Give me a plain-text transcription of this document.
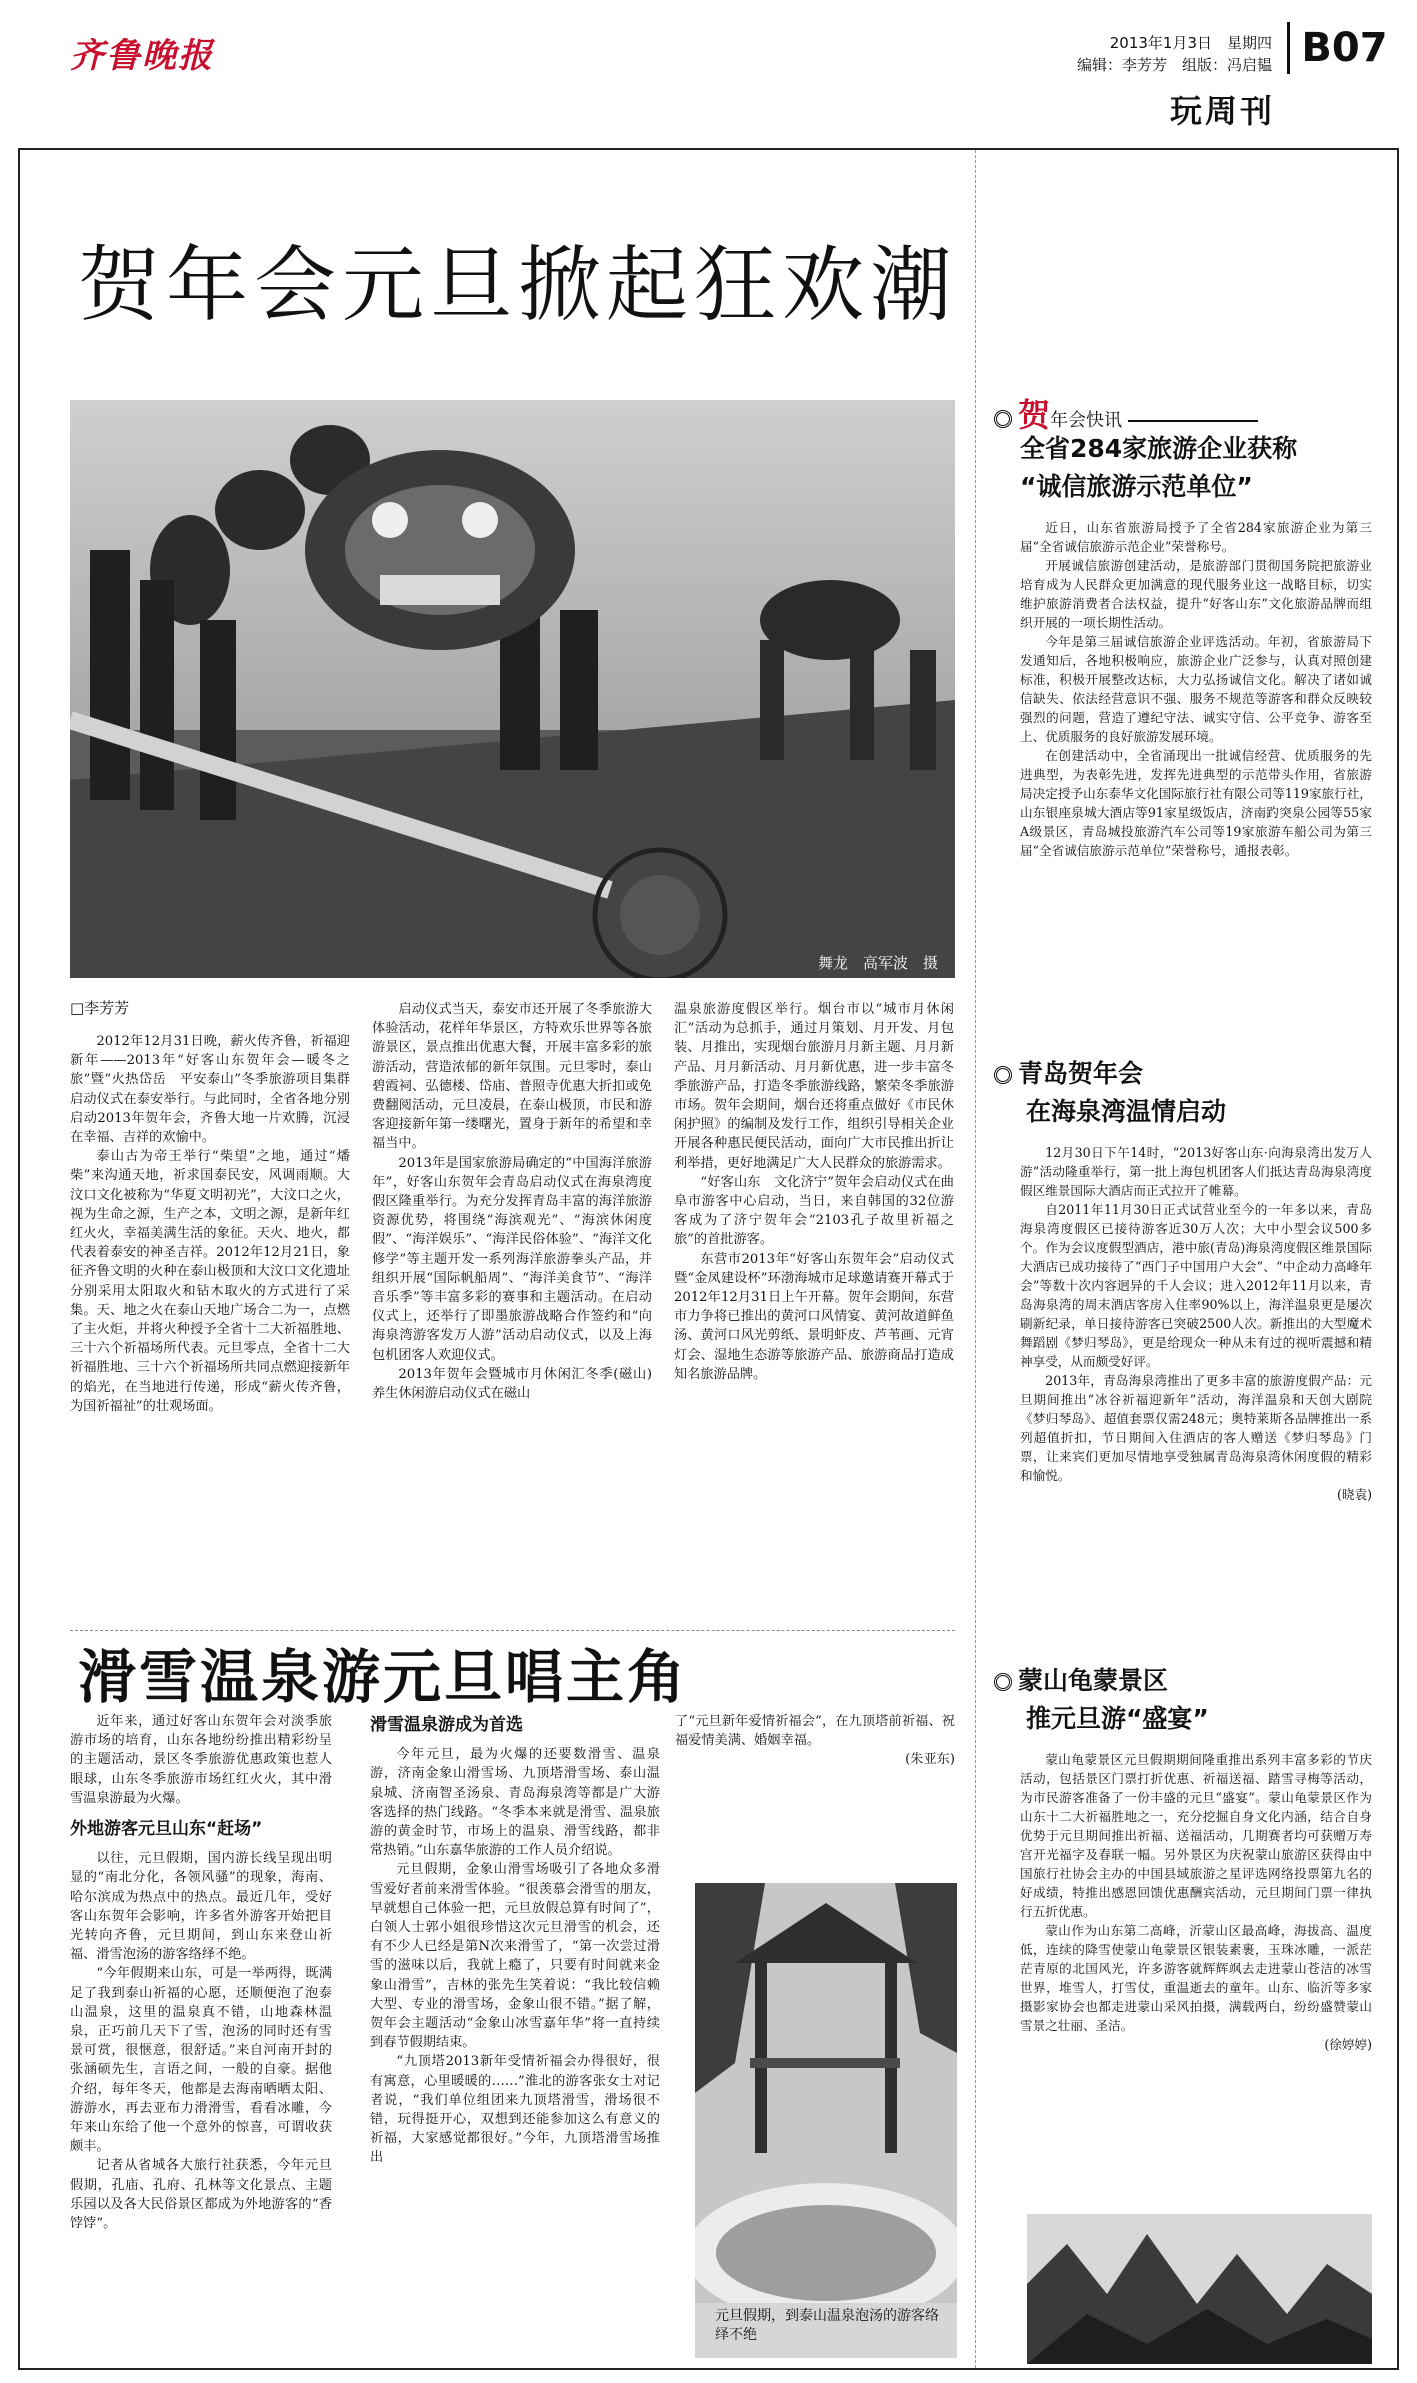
齐鲁晚报	2013年1月3日　星期四
编辑：李芳芳　组版：冯启韫 B07
玩周刊
贺年会元旦掀起狂欢潮
舞龙　高军波　摄
□李芳芳

2012年12月31日晚，薪火传齐鲁，祈福迎新年——2013年“好客山东贺年会—暖冬之旅”暨“火热岱岳　平安泰山”冬季旅游项目集群启动仪式在泰安举行。与此同时，全省各地分别启动2013年贺年会，齐鲁大地一片欢腾，沉浸在幸福、吉祥的欢愉中。

泰山古为帝王举行“柴望”之地，通过“燔柴”来沟通天地，祈求国泰民安，风调雨顺。大汶口文化被称为“华夏文明初光”，大汶口之火，视为生命之源，生产之本，文明之源，是新年红红火火，幸福美满生活的象征。天火、地火，都代表着泰安的神圣吉祥。2012年12月21日，象征齐鲁文明的火种在泰山极顶和大汶口文化遗址分别采用太阳取火和钻木取火的方式进行了采集。天、地之火在泰山天地广场合二为一，点燃了主火炬，并将火种授予全省十二大祈福胜地、三十六个祈福场所代表。元旦零点，全省十二大祈福胜地、三十六个祈福场所共同点燃迎接新年的焰光，在当地进行传递，形成“薪火传齐鲁，为国祈福祉”的壮观场面。

启动仪式当天，泰安市还开展了冬季旅游大体验活动，花样年华景区，方特欢乐世界等各旅游景区，景点推出优惠大餐，开展丰富多彩的旅游活动，营造浓郁的新年氛围。元旦零时，泰山碧霞祠、弘德楼、岱庙、普照寺优惠大折扣或免费翻阅活动，元旦凌晨，在泰山极顶，市民和游客迎接新年第一缕曙光，置身于新年的希望和幸福当中。

2013年是国家旅游局确定的“中国海洋旅游年”，好客山东贺年会青岛启动仪式在海泉湾度假区隆重举行。为充分发挥青岛丰富的海洋旅游资源优势，将围绕“海滨观光”、“海滨休闲度假”、“海洋娱乐”、“海洋民俗体验”、“海洋文化修学”等主题开发一系列海洋旅游拳头产品，并组织开展“国际帆船周”、“海洋美食节”、“海洋音乐季”等丰富多彩的赛事和主题活动。在启动仪式上，还举行了即墨旅游战略合作签约和“向海泉湾游客发万人游”活动启动仪式，以及上海包机团客人欢迎仪式。

2013年贺年会暨城市月休闲汇冬季(磁山)养生休闲游启动仪式在磁山

温泉旅游度假区举行。烟台市以“城市月休闲汇”活动为总抓手，通过月策划、月开发、月包装、月推出，实现烟台旅游月月新主题、月月新产品、月月新活动、月月新优惠，进一步丰富冬季旅游产品，打造冬季旅游线路，繁荣冬季旅游市场。贺年会期间，烟台还将重点做好《市民休闲护照》的编制及发行工作，组织引导相关企业开展各种惠民便民活动，面向广大市民推出折让利举措，更好地满足广大人民群众的旅游需求。

“好客山东　文化济宁”贺年会启动仪式在曲阜市游客中心启动，当日，来自韩国的32位游客成为了济宁贺年会“2103孔子故里祈福之旅”的首批游客。

东营市2013年“好客山东贺年会”启动仪式暨“金凤建设杯”环渤海城市足球邀请赛开幕式于2012年12月31日上午开幕。贺年会期间，东营市力争将已推出的黄河口风情宴、黄河故道鲜鱼汤、黄河口风光剪纸、景明虾皮、芦苇画、元宵灯会、湿地生态游等旅游产品、旅游商品打造成知名旅游品牌。

滑雪温泉游元旦唱主角

近年来，通过好客山东贺年会对淡季旅游市场的培育，山东各地纷纷推出精彩纷呈的主题活动，景区冬季旅游优惠政策也惹人眼球，山东冬季旅游市场红红火火，其中滑雪温泉游最为火爆。

外地游客元旦山东“赶场”

以往，元旦假期，国内游长线呈现出明显的“南北分化，各领风骚”的现象，海南、哈尔滨成为热点中的热点。最近几年，受好客山东贺年会影响，许多省外游客开始把目光转向齐鲁，元旦期间，到山东来登山祈福、滑雪泡汤的游客络绎不绝。

“今年假期来山东，可是一举两得，既满足了我到泰山祈福的心愿，还顺便泡了泡泰山温泉，这里的温泉真不错，山地森林温泉，正巧前几天下了雪，泡汤的同时还有雪景可赏，很惬意，很舒适。”来自河南开封的张涵硕先生，言语之间，一般的自豪。据他介绍，每年冬天，他都是去海南晒晒太阳、游游水，再去亚布力滑滑雪，看看冰雕，今年来山东给了他一个意外的惊喜，可谓收获颇丰。

记者从省城各大旅行社获悉，今年元旦假期，孔庙、孔府、孔林等文化景点、主题乐园以及各大民俗景区都成为外地游客的“香饽饽”。

滑雪温泉游成为首选

今年元旦，最为火爆的还要数滑雪、温泉游，济南金象山滑雪场、九顶塔滑雪场、泰山温泉城、济南智圣汤泉、青岛海泉湾等都是广大游客选择的热门线路。“冬季本来就是滑雪、温泉旅游的黄金时节，市场上的温泉、滑雪线路，都非常热销。”山东嘉华旅游的工作人员介绍说。

元旦假期，金象山滑雪场吸引了各地众多滑雪爱好者前来滑雪体验。“很羡慕会滑雪的朋友，早就想自己体验一把，元旦放假总算有时间了”，白领人士郭小姐很珍惜这次元旦滑雪的机会，还有不少人已经是第N次来滑雪了，“第一次尝过滑雪的滋味以后，我就上瘾了，只要有时间就来金象山滑雪”，吉林的张先生笑着说：“我比较信赖大型、专业的滑雪场，金象山很不错。”据了解，贺年会主题活动“金象山冰雪嘉年华”将一直持续到春节假期结束。

“九顶塔2013新年受情祈福会办得很好，很有寓意，心里暖暖的……”淮北的游客张女士对记者说，“我们单位组团来九顶塔滑雪，滑场很不错，玩得挺开心，双想到还能参加这么有意义的祈福，大家感觉都很好。”今年，九顶塔滑雪场推出

了“元旦新年爱情祈福会”，在九顶塔前祈福、祝福爱情美满、婚姻幸福。

(朱亚东)
元旦假期，到泰山温泉泡汤的游客络绎不绝
贺年会快讯
全省284家旅游企业获称
“诚信旅游示范单位”

近日，山东省旅游局授予了全省284家旅游企业为第三届“全省诚信旅游示范企业”荣誉称号。

开展诚信旅游创建活动，是旅游部门贯彻国务院把旅游业培育成为人民群众更加满意的现代服务业这一战略目标，切实维护旅游消费者合法权益，提升“好客山东”文化旅游品牌而组织开展的一项长期性活动。

今年是第三届诚信旅游企业评选活动。年初，省旅游局下发通知后，各地积极响应，旅游企业广泛参与，认真对照创建标准，积极开展整改达标，大力弘扬诚信文化。解决了诸如诚信缺失、依法经营意识不强、服务不规范等游客和群众反映较强烈的问题，营造了遵纪守法、诚实守信、公平竞争、游客至上、优质服务的良好旅游发展环境。

在创建活动中，全省涌现出一批诚信经营、优质服务的先进典型，为表彰先进，发挥先进典型的示范带头作用，省旅游局决定授予山东泰华文化国际旅行社有限公司等119家旅行社，山东银座泉城大酒店等91家星级饭店，济南趵突泉公园等55家A级景区，青岛城投旅游汽车公司等19家旅游车船公司为第三届“全省诚信旅游示范单位”荣誉称号，通报表彰。

青岛贺年会
在海泉湾温情启动

12月30日下午14时，“2013好客山东·向海泉湾出发万人游”活动隆重举行，第一批上海包机团客人们抵达青岛海泉湾度假区维景国际大酒店而正式拉开了帷幕。

自2011年11月30日正式试营业至今的一年多以来，青岛海泉湾度假区已接待游客近30万人次；大中小型会议500多个。作为会议度假型酒店，港中旅(青岛)海泉湾度假区维景国际大酒店已成功接待了“西门子中国用户大会”、“中企动力高峰年会”等数十次内容迥异的千人会议；进入2012年11月以来，青岛海泉湾的周末酒店客房入住率90%以上，海洋温泉更是屡次刷新纪录，单日接待游客已突破2500人次。新推出的大型魔术舞蹈剧《梦归琴岛》，更是给现众一种从未有过的视听震撼和精神享受，从而颇受好评。

2013年，青岛海泉湾推出了更多丰富的旅游度假产品：元旦期间推出“冰谷祈福迎新年”活动，海洋温泉和天创大剧院《梦归琴岛》、超值套票仅需248元；奥特莱斯各品牌推出一系列超值折扣，节日期间入住酒店的客人赠送《梦归琴岛》门票，让来宾们更加尽情地享受独属青岛海泉湾休闲度假的精彩和愉悦。

(晓袁)
蒙山龟蒙景区
推元旦游“盛宴”

蒙山龟蒙景区元旦假期期间隆重推出系列丰富多彩的节庆活动，包括景区门票打折优惠、祈福送福、踏雪寻梅等活动，为市民游客准备了一份丰盛的元旦“盛宴”。蒙山龟蒙景区作为山东十二大祈福胜地之一，充分挖掘自身文化内涵，结合自身优势于元旦期间推出祈福、送福活动，几期赛者均可获赠万寿宫开光福字及春联一幅。另外景区为庆祝蒙山旅游区获得由中国旅行社协会主办的中国县域旅游之星评选网络投票第九名的好成绩，特推出感恩回馈优惠酬宾活动，元旦期间门票一律执行五折优惠。

蒙山作为山东第二高峰，沂蒙山区最高峰，海拔高、温度低，连续的降雪使蒙山龟蒙景区银装素裹，玉珠冰雕，一派茫茫青原的北国风光，许多游客就辉辉飒去走进蒙山苍洁的冰雪世界，堆雪人，打雪仗，重温逝去的童年。山东、临沂等多家摄影家协会也都走进蒙山采风拍摄，满载两白，纷纷盛赞蒙山雪景之壮丽、圣洁。

(徐婷婷)
